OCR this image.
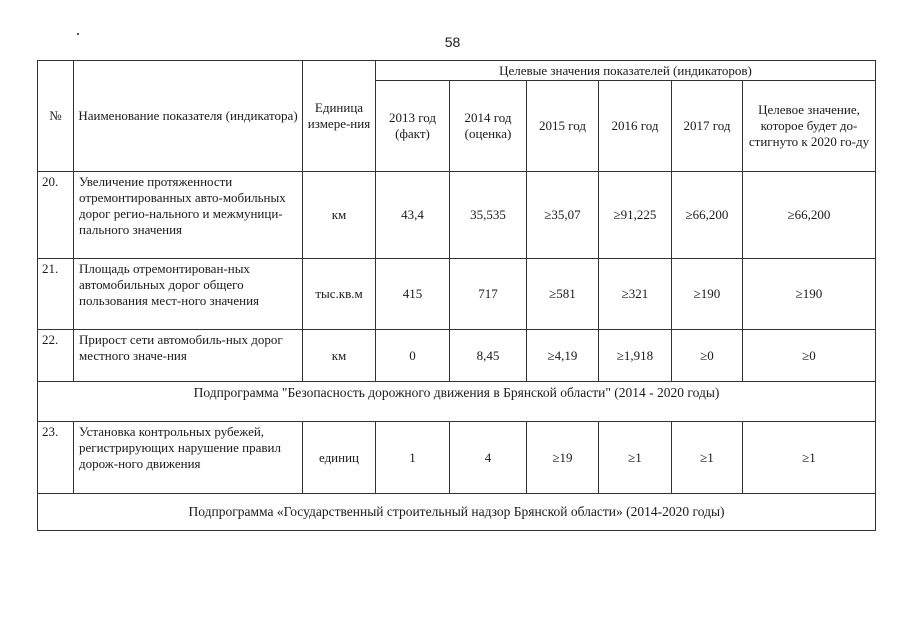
58
№	Наименование показателя (индикатора)	Единица измере-ния	Целевые значения показателей (индикаторов)					
			2013 год (факт)	2014 год (оценка)	2015 год	2016 год	2017 год	Целевое значение, которое будет до-стигнуто к 2020 го-ду
20.	Увеличение протяженности отремонтированных авто-мобильных дорог регио-нального и межмуници-пального значения	км	43,4	35,535	≥35,07	≥91,225	≥66,200	≥66,200
21.	Площадь отремонтирован-ных автомобильных дорог общего пользования мест-ного значения	тыс.кв.м	415	717	≥581	≥321	≥190	≥190
22.	Прирост сети автомобиль-ных дорог местного значе-ния	км	0	8,45	≥4,19	≥1,918	≥0	≥0
Подпрограмма "Безопасность дорожного движения в Брянской области" (2014 - 2020 годы)								
23.	Установка контрольных рубежей, регистрирующих нарушение правил дорож-ного движения	единиц	1	4	≥19	≥1	≥1	≥1
Подпрограмма «Государственный строительный надзор Брянской области» (2014-2020 годы)								
